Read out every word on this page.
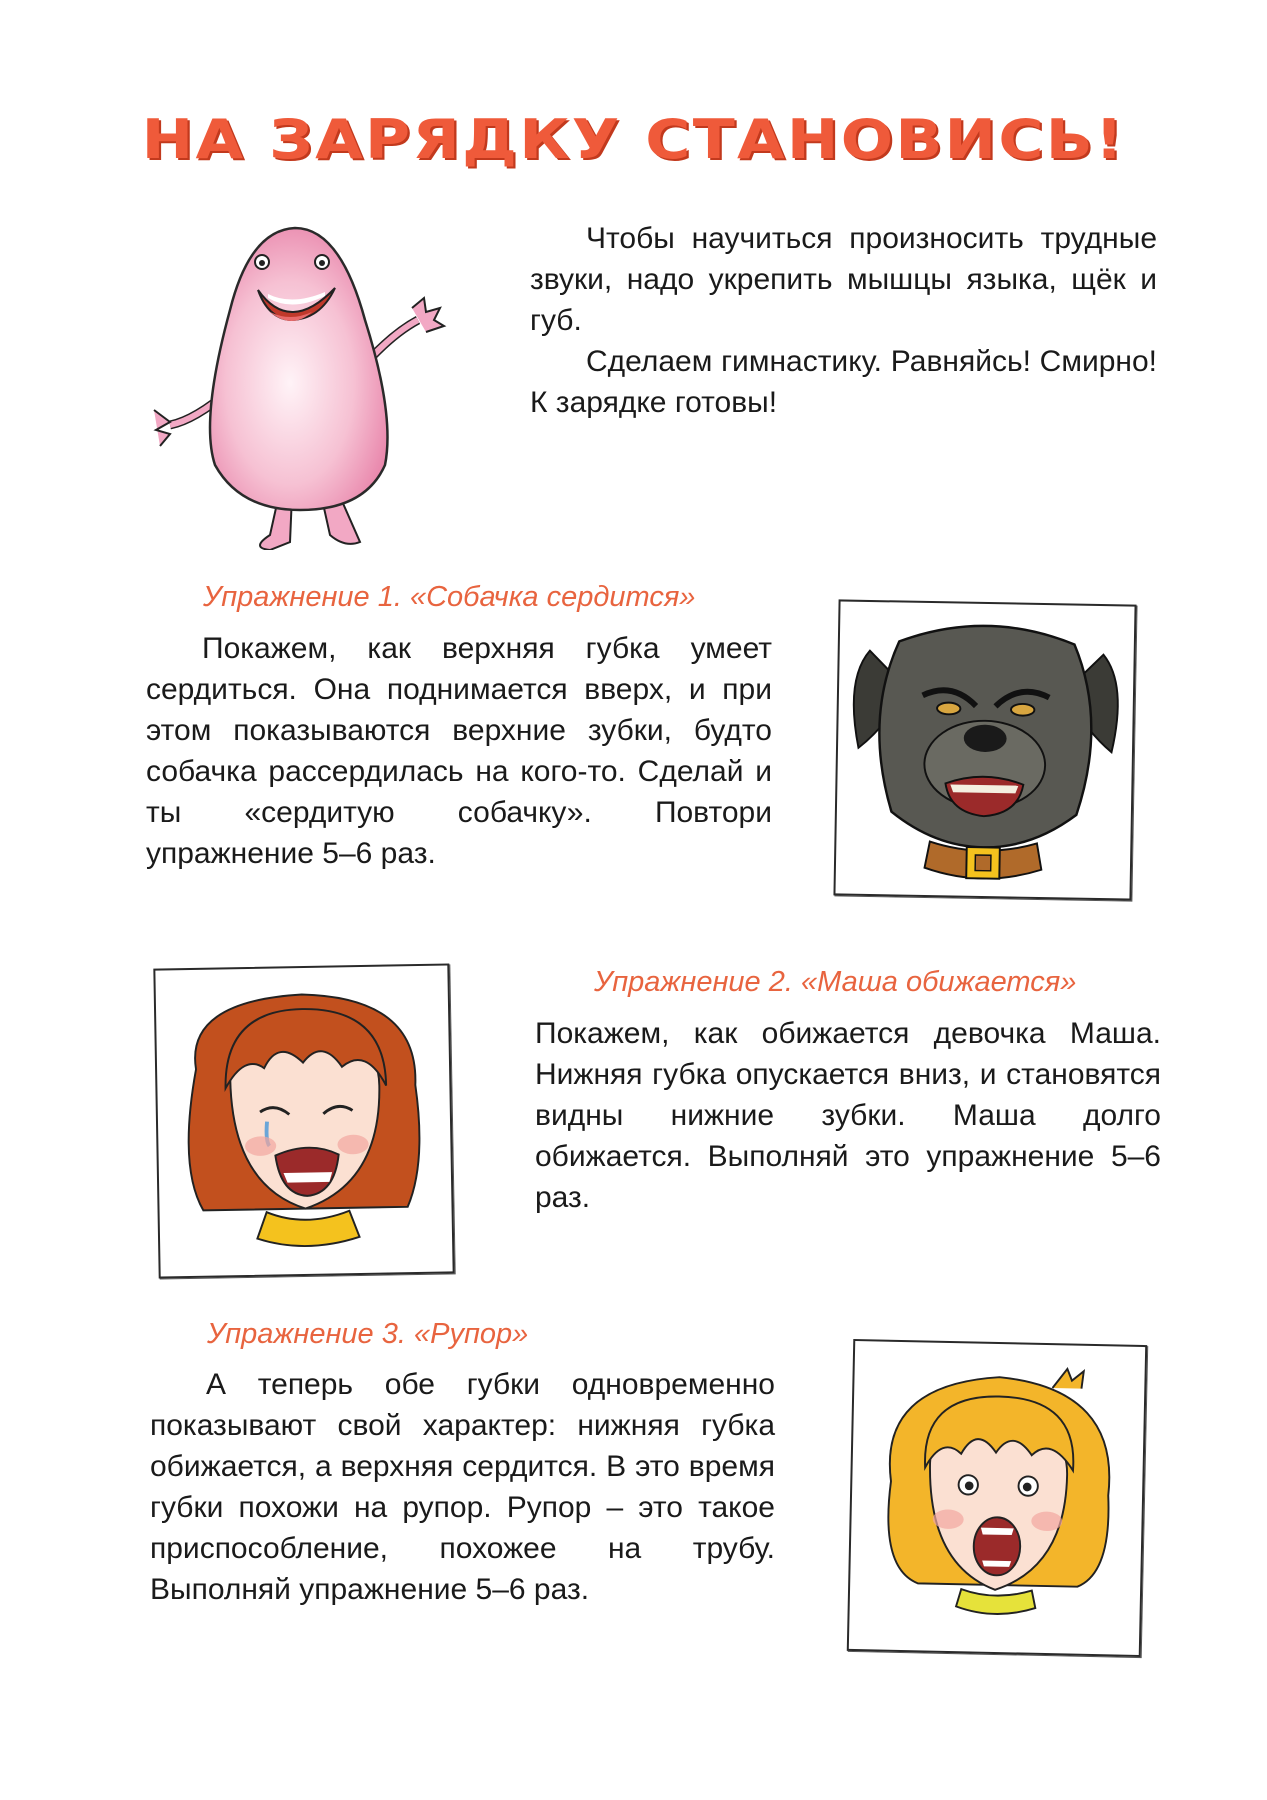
НА ЗАРЯДКУ СТАНОВИСЬ!

Чтобы научиться произносить трудные звуки, надо укрепить мышцы языка, щёк и губ.

Сделаем гимнастику. Равняйсь! Смирно! К зарядке готовы!

Упражнение 1. «Собачка сердится»

Покажем, как верхняя губка умеет сердиться. Она поднимается вверх, и при этом показываются верхние зубки, будто собачка рассердилась на кого-то. Сделай и ты «сердитую собачку». Повтори упражнение 5–6 раз.

Упражнение 2. «Маша обижается»

Покажем, как обижается девочка Маша. Нижняя губка опускается вниз, и становятся видны нижние зубки. Маша долго обижается. Выполняй это упражнение 5–6 раз.

Упражнение 3. «Рупор»

А теперь обе губки одновременно показывают свой характер: нижняя губка обижается, а верхняя сердится. В это время губки похожи на рупор. Рупор – это такое приспособление, похожее на трубу. Выполняй упражнение 5–6 раз.
